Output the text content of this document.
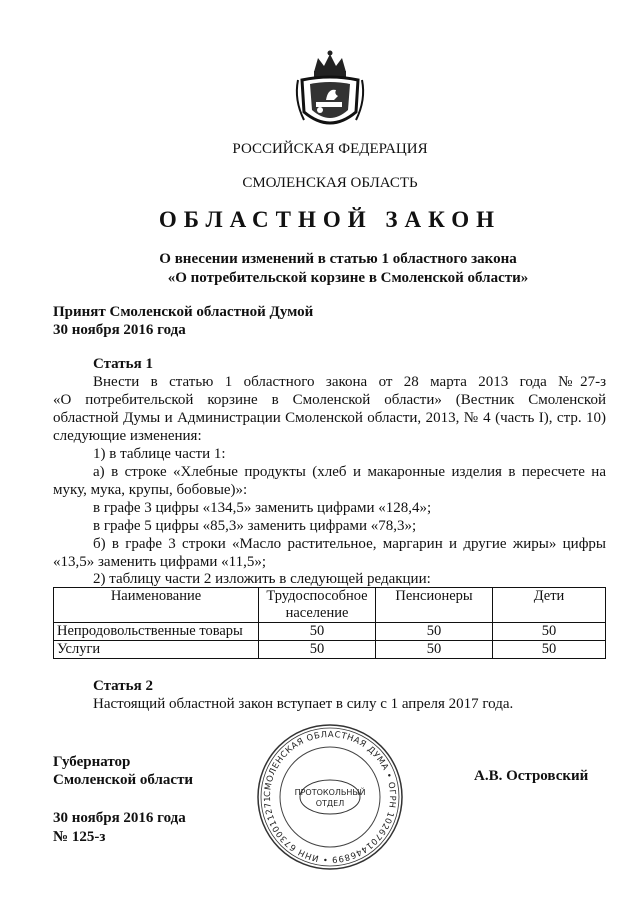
РОССИЙСКАЯ ФЕДЕРАЦИЯ
СМОЛЕНСКАЯ ОБЛАСТЬ
ОБЛАСТНОЙ ЗАКОН
О внесении изменений в статью 1 областного закона
«О потребительской корзине в Смоленской области»
Принят Смоленской областной Думой
30 ноября 2016 года
Статья 1
Внести в статью 1 областного закона от 28 марта 2013 года №27-з
«О потребительской корзине в Смоленской области» (Вестник Смоленской
областной Думы и Администрации Смоленской области, 2013, № 4 (часть I), стр. 10)
следующие изменения:
1) в таблице части 1:
а) в строке «Хлебные продукты (хлеб и макаронные изделия в пересчете на
муку, мука, крупы, бобовые)»:
в графе 3 цифры «134,5» заменить цифрами «128,4»;
в графе 5 цифры «85,3» заменить цифрами «78,3»;
б) в графе 3 строки «Масло растительное, маргарин и другие жиры» цифры
«13,5» заменить цифрами «11,5»;
2) таблицу части 2 изложить в следующей редакции:
Наименование	Трудоспособное население	Пенсионеры	Дети
Непродовольственные товары	50	50	50
Услуги	50	50	50
Статья 2
Настоящий областной закон вступает в силу с 1 апреля 2017 года.
Губернатор
Смоленской области	А.В. Островский
30 ноября 2016 года
№ 125-з
СМОЛЕНСКАЯ ОБЛАСТНАЯ ДУМА • ОГРН 1026701446899 • ИНН 6730011271
ПРОТОКОЛЬНЫЙ
ОТДЕЛ
